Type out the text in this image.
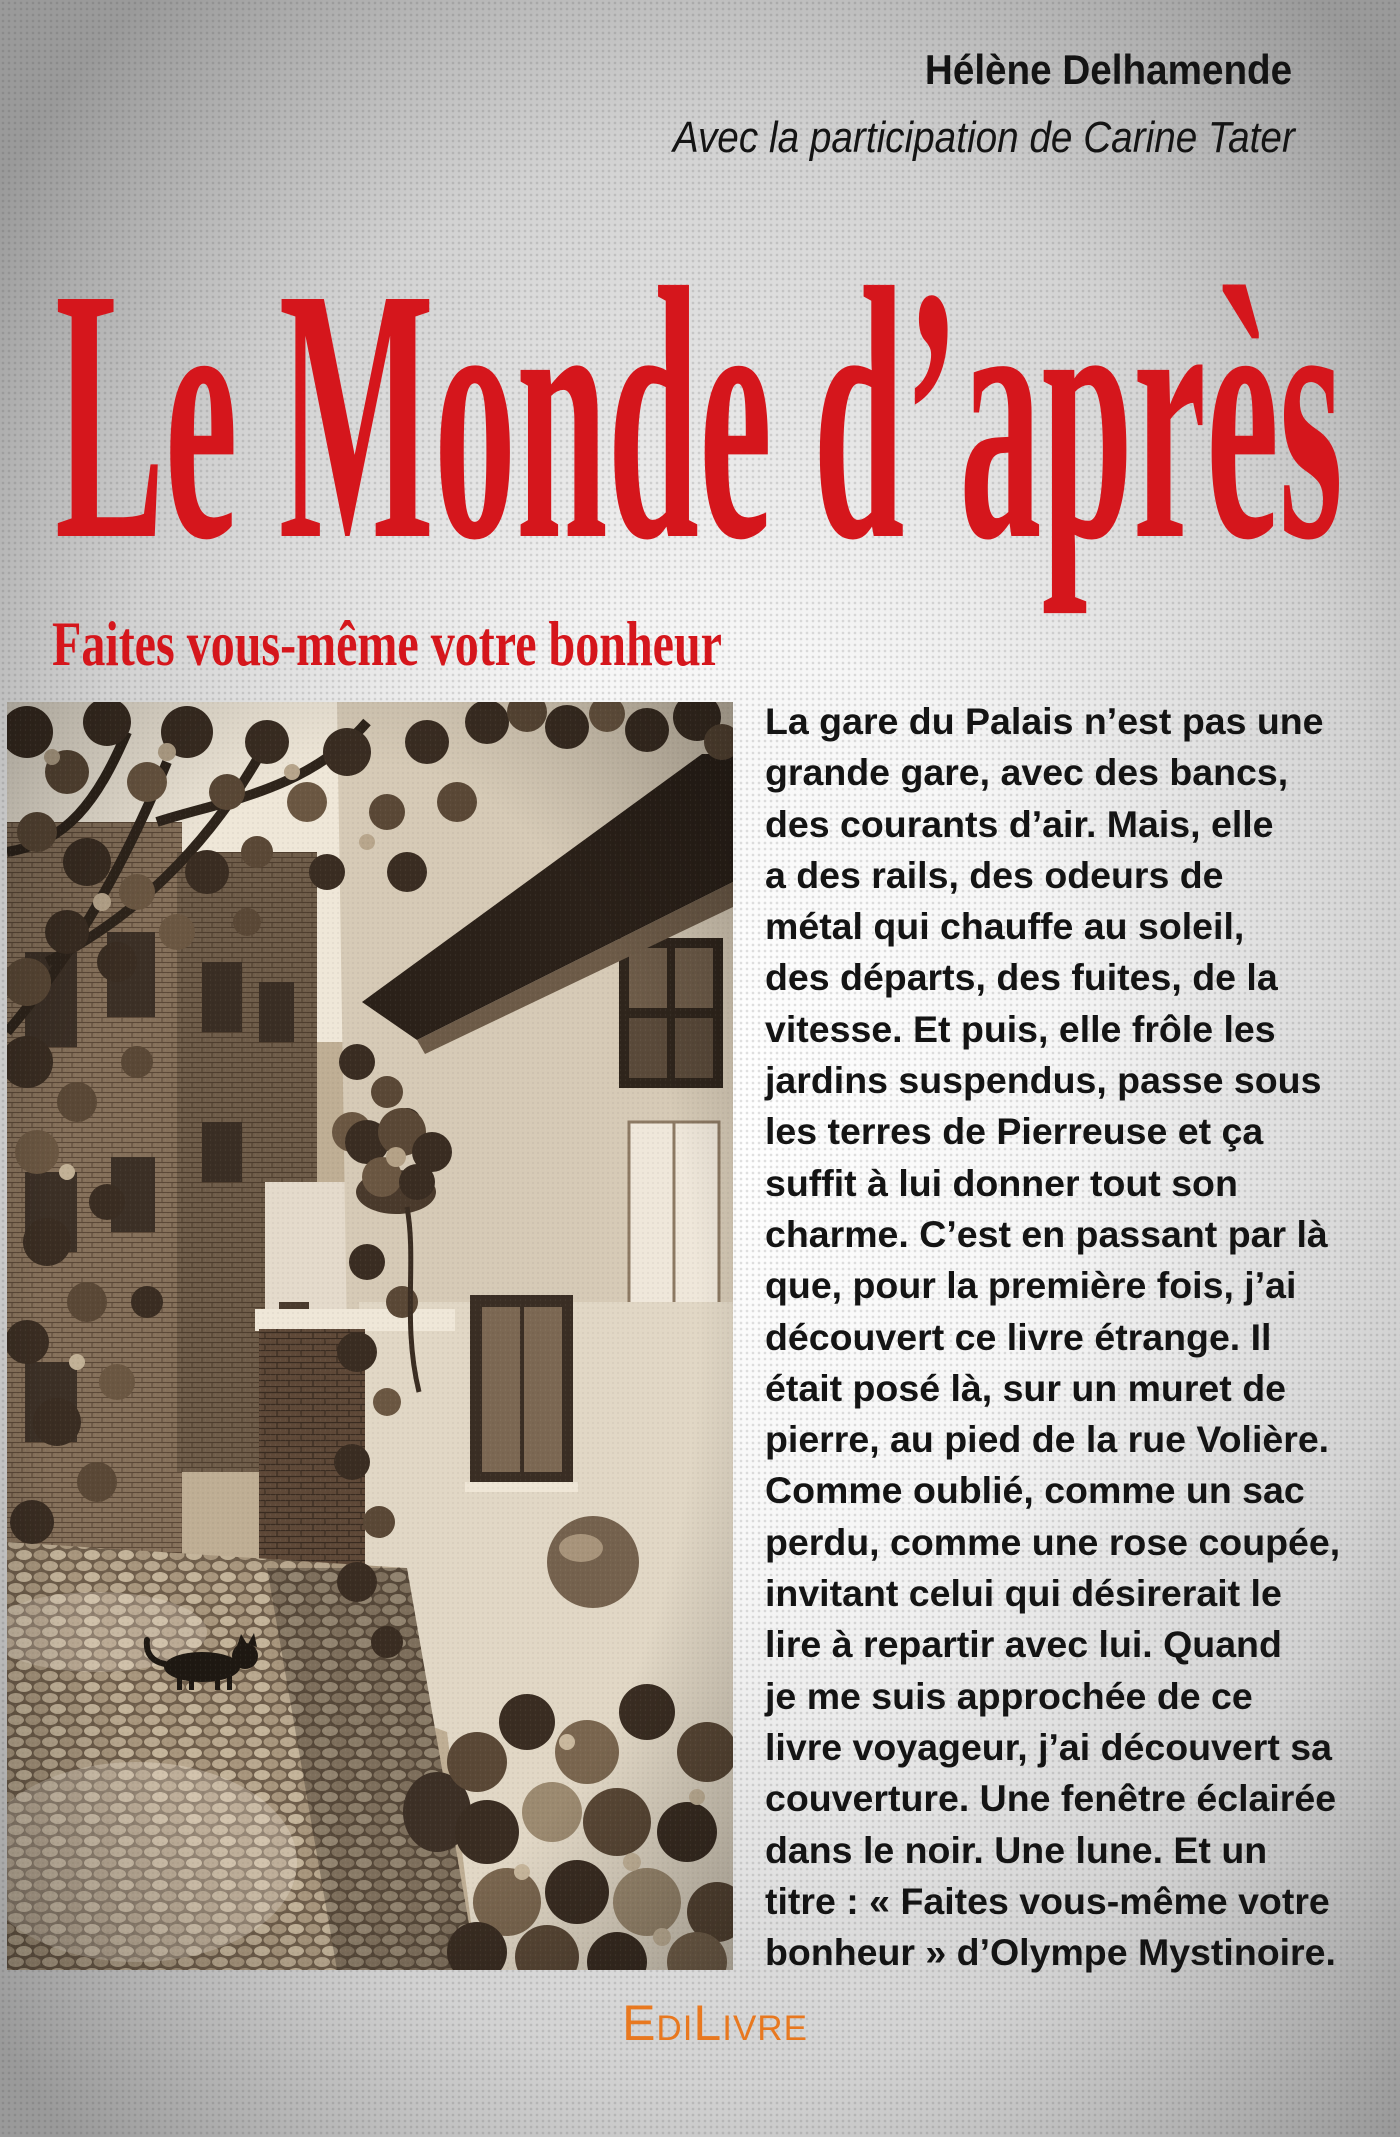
Hélène Delhamende
Avec la participation de Carine Tater
Le Monde d’après
Faites vous-même votre bonheur
La gare du Palais n’est pas une
grande gare, avec des bancs,
des courants d’air. Mais, elle
a des rails, des odeurs de
métal qui chauffe au soleil,
des départs, des fuites, de la
vitesse. Et puis, elle frôle les
jardins suspendus, passe sous
les terres de Pierreuse et ça
suffit à lui donner tout son
charme. C’est en passant par là
que, pour la première fois, j’ai
découvert ce livre étrange. Il
était posé là, sur un muret de
pierre, au pied de la rue Volière.
Comme oublié, comme un sac
perdu, comme une rose coupée,
invitant celui qui désirerait le
lire à repartir avec lui. Quand
je me suis approchée de ce
livre voyageur, j’ai découvert sa
couverture. Une fenêtre éclairée
dans le noir. Une lune. Et un
titre : « Faites vous-même votre
bonheur » d’Olympe Mystinoire.
EdiLivre
